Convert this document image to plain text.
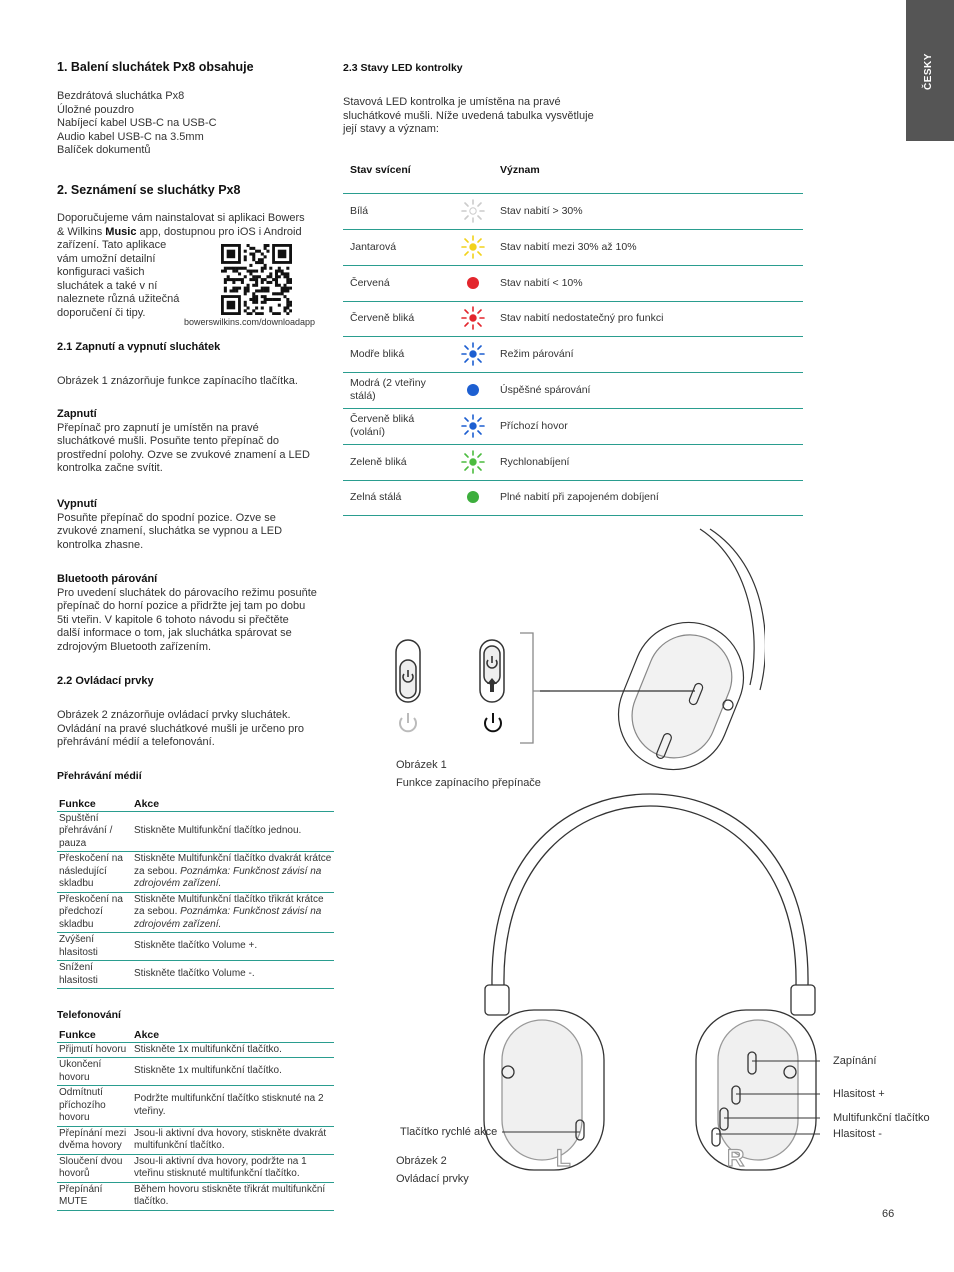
ČESKY
1. Balení sluchátek Px8 obsahuje
Bezdrátová sluchátka Px8
Úložné pouzdro
Nabíjecí kabel USB-C na USB-C
Audio kabel USB-C na 3.5mm
Balíček dokumentů
2. Seznámení se sluchátky Px8
Doporučujeme vám nainstalovat si aplikaci Bowers
& Wilkins Music app, dostupnou pro iOS i Android
zařízení. Tato aplikace
vám umožní detailní
konfiguraci vašich
sluchátek a také v ní
naleznete různá užitečná
doporučení či tipy.
bowerswilkins.com/downloadapp
2.1 Zapnutí a vypnutí sluchátek
Obrázek 1 znázorňuje funkce zapínacího tlačítka.
Zapnutí
Přepínač pro zapnutí je umístěn na pravé
sluchátkové mušli. Posuňte tento přepínač do
prostřední polohy. Ozve se zvukové znamení a LED
kontrolka začne svítit.
Vypnutí
Posuňte přepínač do spodní pozice. Ozve se
zvukové znamení, sluchátka se vypnou a LED
kontrolka zhasne.
Bluetooth párování
Pro uvedení sluchátek do párovacího režimu posuňte
přepínač do horní pozice a přidržte jej tam po dobu
5ti vteřin. V kapitole 6 tohoto návodu si přečtěte
další informace o tom, jak sluchátka spárovat se
zdrojovým Bluetooth zařízením.
2.2 Ovládací prvky
Obrázek 2 znázorňuje ovládací prvky sluchátek.
Ovládání na pravé sluchátkové mušli je určeno pro
přehrávání médií a telefonování.
Přehrávání médií
Funkce	Akce
Spuštění přehrávání / pauza	Stiskněte Multifunkční tlačítko jednou.
Přeskočení na následující skladbu	Stiskněte Multifunkční tlačítko dvakrát krátce za sebou. Poznámka: Funkčnost závisí na zdrojovém zařízení.
Přeskočení na předchozí skladbu	Stiskněte Multifunkční tlačítko třikrát krátce za sebou. Poznámka: Funkčnost závisí na zdrojovém zařízení.
Zvýšení hlasitosti	Stiskněte tlačítko Volume +.
Snížení hlasitosti	Stiskněte tlačítko Volume -.
Telefonování
Funkce	Akce
Přijmutí hovoru	Stiskněte 1x multifunkční tlačítko.
Ukončení hovoru	Stiskněte 1x multifunkční tlačítko.
Odmítnutí příchozího hovoru	Podržte multifunkční tlačítko stisknuté na 2 vteřiny.
Přepínání mezi dvěma hovory	Jsou-li aktivní dva hovory, stiskněte dvakrát multifunkční tlačítko.
Sloučení dvou hovorů	Jsou-li aktivní dva hovory, podržte na 1 vteřinu stisknuté multifunkční tlačítko.
Přepínání MUTE	Během hovoru stiskněte třikrát multifunkční tlačítko.
2.3 Stavy LED kontrolky
Stavová LED kontrolka je umístěna na pravé
sluchátkové mušli. Níže uvedená tabulka vysvětluje
její stavy a význam:
Stav svícení	Význam
Bílá	Stav nabití > 30%
Jantarová	Stav nabití mezi 30% až 10%
Červená	Stav nabití < 10%
Červeně bliká	Stav nabití nedostatečný pro funkci
Modře bliká	Režim párování
Modrá (2 vteřiny stálá)	Úspěšné spárování
Červeně bliká (volání)	Příchozí hovor
Zeleně bliká	Rychlonabíjení
Zelná stálá	Plné nabití při zapojeném dobíjení
Obrázek 1
Funkce zapínacího přepínače
Tlačítko rychlé akce
Zapínání
Hlasitost +
Multifunkční tlačítko
Hlasitost -
L	R
Obrázek 2
Ovládací prvky
66
